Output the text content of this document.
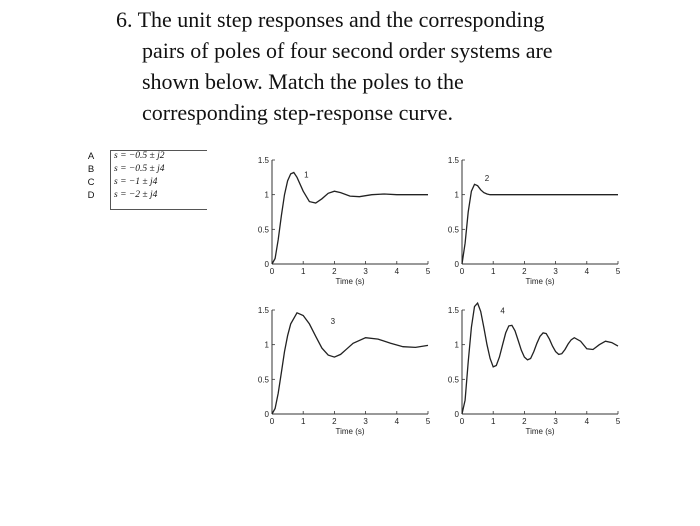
6. The unit step responses and the corresponding
pairs of poles of four second order systems are
shown below. Match the poles to the
corresponding step-response curve.
A	s = −0.5 ± j2
B	s = −0.5 ± j4
C	s = −1 ± j4
D	s = −2 ± j4
0	1	2	3	4	5
0
0.5
1
1.5
Time (s)
1
0	1	2	3	4	5
0
0.5
1
1.5
Time (s)
2
0	1	2	3	4	5
0
0.5
1
1.5
Time (s)
3
0	1	2	3	4	5
0
0.5
1
1.5
Time (s)
4
